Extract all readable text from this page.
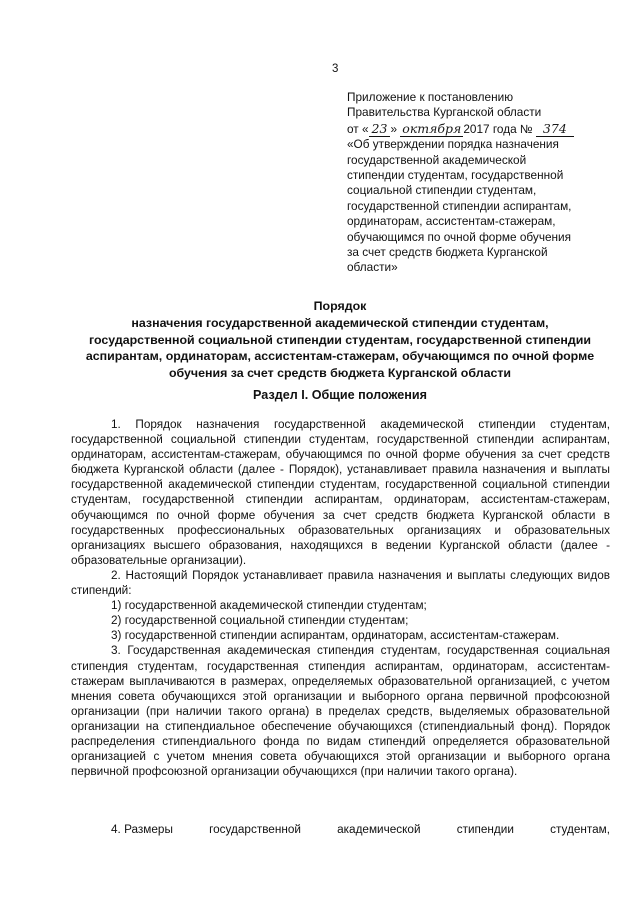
3
Приложение к постановлению
Правительства Курганской области
от « 23 » октября 2017 года № 374
«Об утверждении порядка назначения
государственной академической
стипендии студентам, государственной
социальной стипендии студентам,
государственной стипендии аспирантам,
ординаторам, ассистентам-стажерам,
обучающимся по очной форме обучения
за счет средств бюджета Курганской
области»
Порядок
назначения государственной академической стипендии студентам,
государственной социальной стипендии студентам, государственной стипендии
аспирантам, ординаторам, ассистентам-стажерам, обучающимся по очной форме
обучения за счет средств бюджета Курганской области
Раздел I. Общие положения

1. Порядок назначения государственной академической стипендии студентам, государственной социальной стипендии студентам, государственной стипендии аспирантам, ординаторам, ассистентам-стажерам, обучающимся по очной форме обучения за счет средств бюджета Курганской области (далее - Порядок), устанавливает правила назначения и выплаты государственной академической стипендии студентам, государственной социальной стипендии студентам, государственной стипендии аспирантам, ординаторам, ассистентам-стажерам, обучающимся по очной форме обучения за счет средств бюджета Курганской области в государственных профессиональных образовательных организациях и образовательных организациях высшего образования, находящихся в ведении Курганской области (далее - образовательные организации).

2. Настоящий Порядок устанавливает правила назначения и выплаты следующих видов стипендий:

1) государственной академической стипендии студентам;

2) государственной социальной стипендии студентам;

3) государственной стипендии аспирантам, ординаторам, ассистентам-стажерам.

3. Государственная академическая стипендия студентам, государственная социальная стипендия студентам, государственная стипендия аспирантам, ординаторам, ассистентам-стажерам выплачиваются в размерах, определяемых образовательной организацией, с учетом мнения совета обучающихся этой организации и выборного органа первичной профсоюзной организации (при наличии такого органа) в пределах средств, выделяемых образовательной организации на стипендиальное обеспечение обучающихся (стипендиальный фонд). Порядок распределения стипендиального фонда по видам стипендий определяется образовательной организацией с учетом мнения совета обучающихся этой организации и выборного органа первичной профсоюзной организации обучающихся (при наличии такого органа).

4. Размеры	государственной	академической	стипендии	студентам,
